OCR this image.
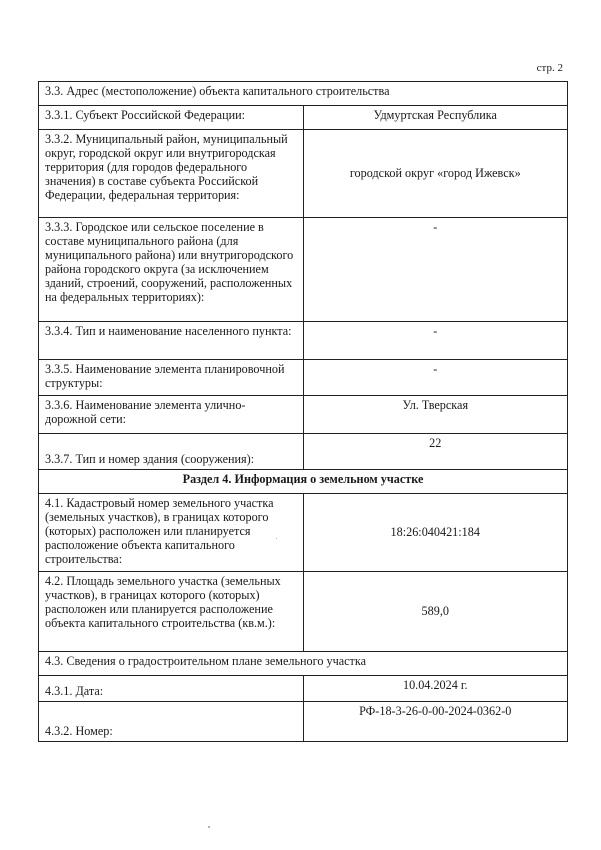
стр. 2
3.3. Адрес (местоположение) объекта капитального строительства	
3.3.1. Субъект Российской Федерации:	Удмуртская Республика
3.3.2. Муниципальный район, муниципальный округ, городской округ или внутригородская территория (для городов федерального значения) в составе субъекта Российской Федерации, федеральная территория:	городской округ «город Ижевск»
3.3.3. Городское или сельское поселение в составе муниципального района (для муниципального района) или внутригородского района городского округа (за исключением зданий, строений, сооружений, расположенных на федеральных территориях):	-
3.3.4. Тип и наименование населенного пункта:	-
3.3.5. Наименование элемента планировочной структуры:	-
3.3.6. Наименование элемента улично-дорожной сети:	Ул. Тверская
3.3.7. Тип и номер здания (сооружения):	22
Раздел 4. Информация о земельном участке	
4.1. Кадастровый номер земельного участка (земельных участков), в границах которого (которых) расположен или планируется расположение объекта капитального строительства:	18:26:040421:184
4.2. Площадь земельного участка (земельных участков), в границах которого (которых) расположен или планируется расположение объекта капитального строительства (кв.м.):	589,0
4.3. Сведения о градостроительном плане земельного участка	
4.3.1. Дата:	10.04.2024 г.
4.3.2. Номер:	РФ-18-3-26-0-00-2024-0362-0
